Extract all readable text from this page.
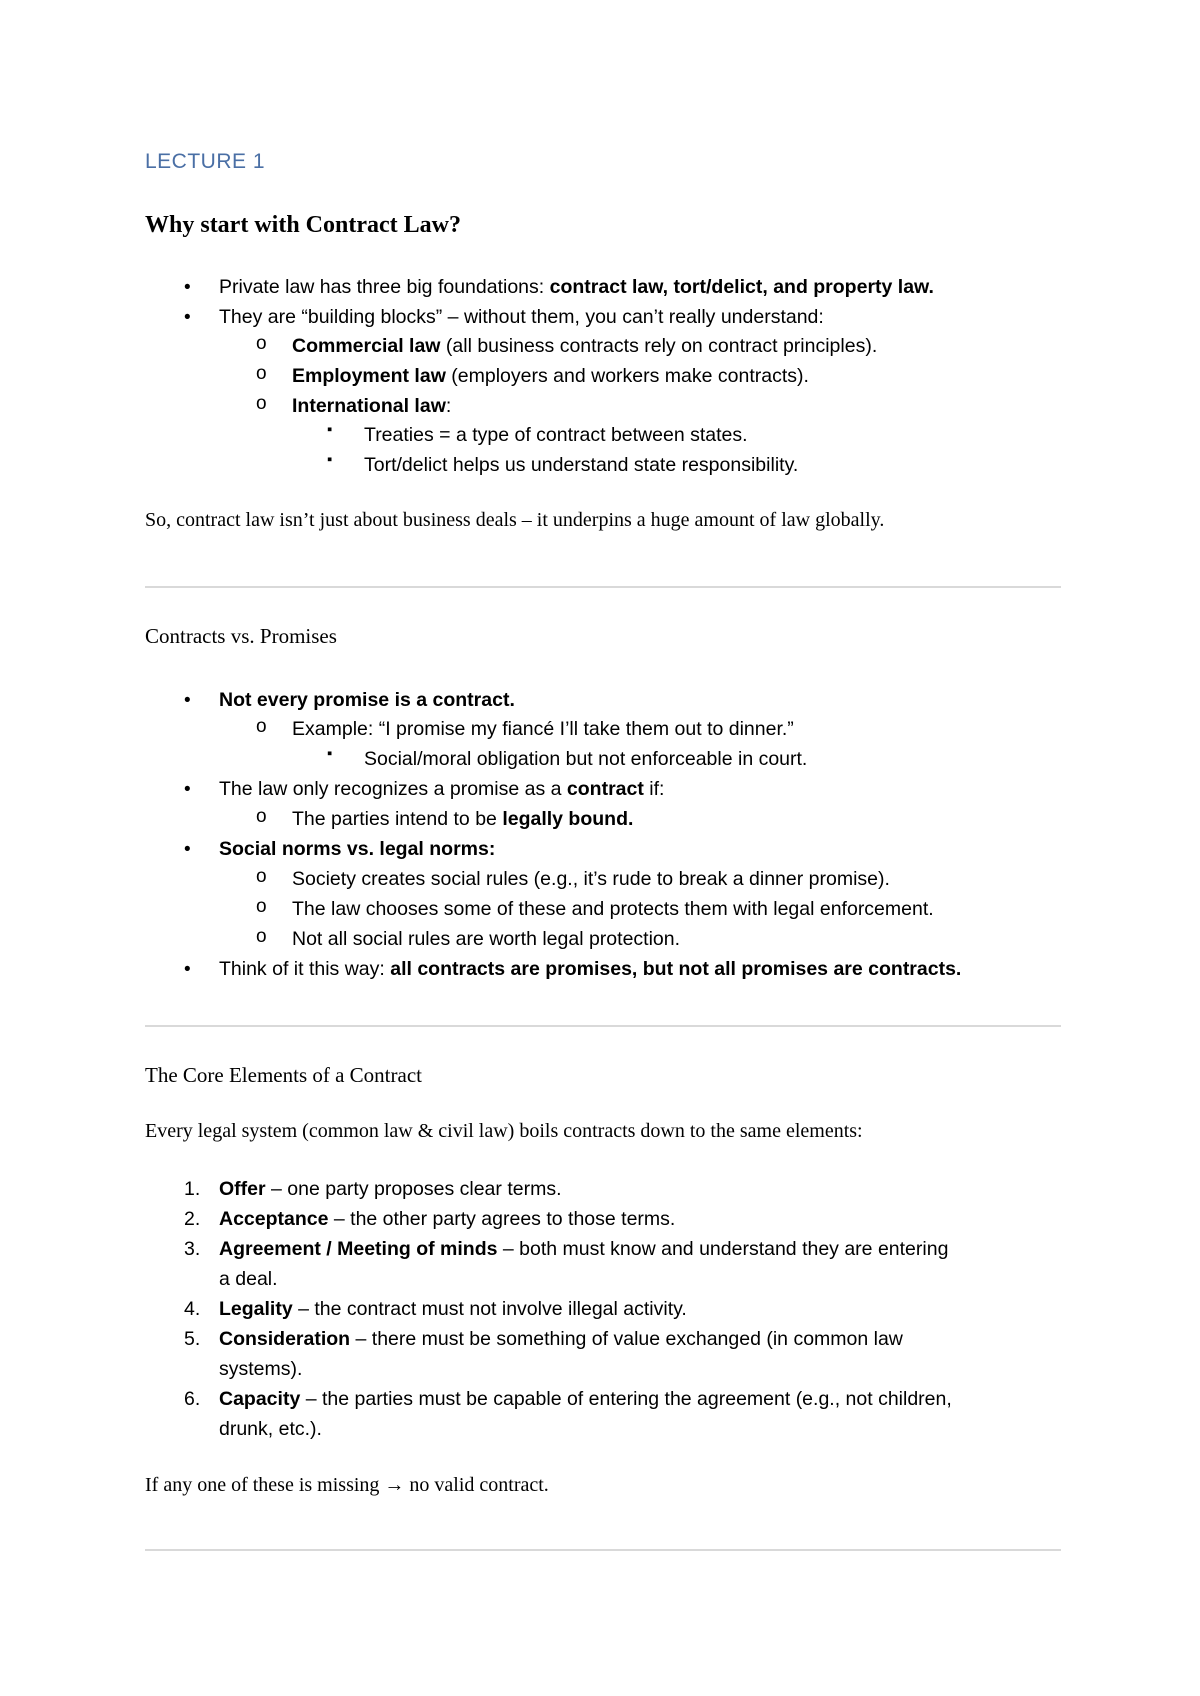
LECTURE 1
Why start with Contract Law?
• Private law has three big foundations: contract law, tort/delict, and property law.
• They are “building blocks” – without them, you can’t really understand:
o Commercial law (all business contracts rely on contract principles).
o Employment law (employers and workers make contracts).
o International law:
▪ Treaties = a type of contract between states.
▪ Tort/delict helps us understand state responsibility.
So, contract law isn’t just about business deals – it underpins a huge amount of law globally.
Contracts vs. Promises
• Not every promise is a contract.
o Example: “I promise my fiancé I’ll take them out to dinner.”
▪ Social/moral obligation but not enforceable in court.
• The law only recognizes a promise as a contract if:
o The parties intend to be legally bound.
• Social norms vs. legal norms:
o Society creates social rules (e.g., it’s rude to break a dinner promise).
o The law chooses some of these and protects them with legal enforcement.
o Not all social rules are worth legal protection.
• Think of it this way: all contracts are promises, but not all promises are contracts.
The Core Elements of a Contract
Every legal system (common law & civil law) boils contracts down to the same elements:
1. Offer – one party proposes clear terms.
2. Acceptance – the other party agrees to those terms.
3. Agreement / Meeting of minds – both must know and understand they are entering
a deal.
4. Legality – the contract must not involve illegal activity.
5. Consideration – there must be something of value exchanged (in common law
systems).
6. Capacity – the parties must be capable of entering the agreement (e.g., not children,
drunk, etc.).
If any one of these is missing → no valid contract.
